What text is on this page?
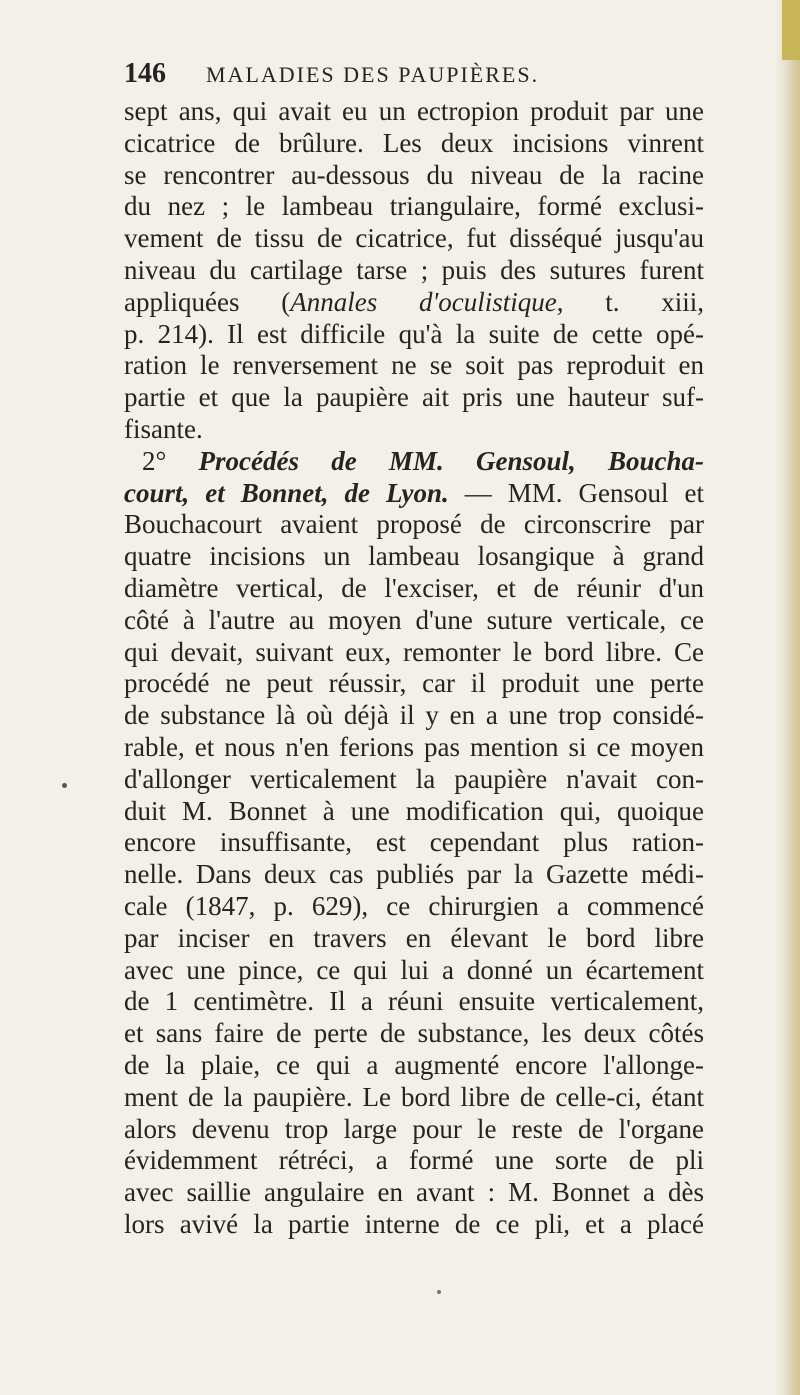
146 MALADIES DES PAUPIÈRES.
sept ans, qui avait eu un ectropion produit par une
cicatrice de brûlure. Les deux incisions vinrent
se rencontrer au-dessous du niveau de la racine
du nez ; le lambeau triangulaire, formé exclusi-
vement de tissu de cicatrice, fut disséqué jusqu'au
niveau du cartilage tarse ; puis des sutures furent
appliquées (Annales d'oculistique, t. xiii,
p. 214). Il est difficile qu'à la suite de cette opé-
ration le renversement ne se soit pas reproduit en
partie et que la paupière ait pris une hauteur suf-
fisante.
2° Procédés de MM. Gensoul, Boucha-
court, et Bonnet, de Lyon. — MM. Gensoul et
Bouchacourt avaient proposé de circonscrire par
quatre incisions un lambeau losangique à grand
diamètre vertical, de l'exciser, et de réunir d'un
côté à l'autre au moyen d'une suture verticale, ce
qui devait, suivant eux, remonter le bord libre. Ce
procédé ne peut réussir, car il produit une perte
de substance là où déjà il y en a une trop considé-
rable, et nous n'en ferions pas mention si ce moyen
d'allonger verticalement la paupière n'avait con-
duit M. Bonnet à une modification qui, quoique
encore insuffisante, est cependant plus ration-
nelle. Dans deux cas publiés par la Gazette médi-
cale (1847, p. 629), ce chirurgien a commencé
par inciser en travers en élevant le bord libre
avec une pince, ce qui lui a donné un écartement
de 1 centimètre. Il a réuni ensuite verticalement,
et sans faire de perte de substance, les deux côtés
de la plaie, ce qui a augmenté encore l'allonge-
ment de la paupière. Le bord libre de celle-ci, étant
alors devenu trop large pour le reste de l'organe
évidemment rétréci, a formé une sorte de pli
avec saillie angulaire en avant : M. Bonnet a dès
lors avivé la partie interne de ce pli, et a placé
